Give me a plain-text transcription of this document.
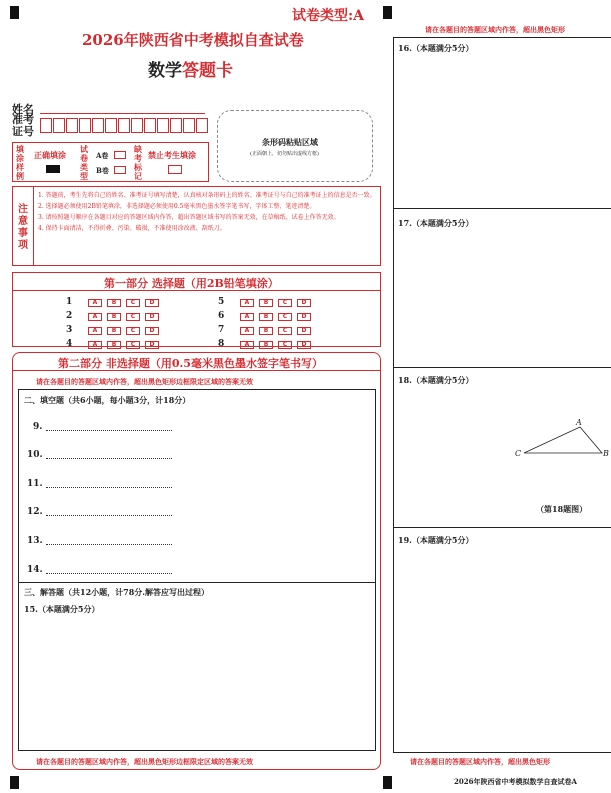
试卷类型:A
2026年陕西省中考模拟自查试卷
数学答题卡
姓名
准考证号
条形码粘贴区域
(正面朝上，切勿贴出虚线方框)
填涂样例
正确填涂
试卷类型
A卷
B卷
缺考标记
禁止考生填涂
注意事项
1. 答题前，考生先将自己的姓名、准考证号填写清楚，认真核对条形码上的姓名、准考证号与自己的准考证上的信息是否一致。
2. 选择题必须使用2B铅笔填涂，非选择题必须使用0.5毫米黑色墨水签字笔书写，字体工整、笔迹清楚。
3. 请按照题号顺序在各题目对应的答题区域内作答，超出答题区域书写的答案无效，在草稿纸、试卷上作答无效。
4. 保持卡面清洁，不得折叠、污染、破损，不准使用涂改液、刮纸刀。
第一部分 选择题（用2B铅笔填涂）
1	A B C D
2	A B C D
3	A B C D
4	A B C D
5	A B C D
6	A B C D
7	A B C D
8	A B C D
第二部分 非选择题（用0.5毫米黑色墨水签字笔书写）
请在各题目的答题区域内作答，超出黑色矩形边框限定区域的答案无效
二、填空题（共6小题，每小题3分，计18分）
9.
10.
11.
12.
13.
14.
三、解答题（共12小题，计78分.解答应写出过程）
15.（本题满分5分）
请在各题目的答题区域内作答，超出黑色矩形边框限定区域的答案无效
请在各题目的答题区域内作答，超出黑色矩形
16.（本题满分5分）
17.（本题满分5分）
18.（本题满分5分）
A
B
C
（第18题图）
19.（本题满分5分）
请在各题目的答题区域内作答，超出黑色矩形
2026年陕西省中考模拟数学自查试卷A
